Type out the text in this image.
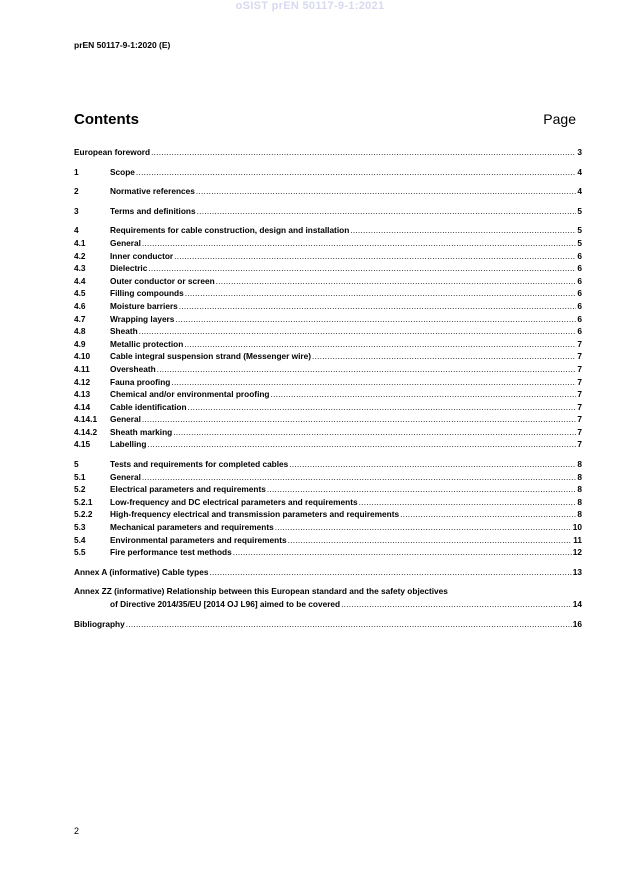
oSIST prEN 50117-9-1:2021
prEN 50117-9-1:2020 (E)
Contents	Page
European foreword .....	3
1	Scope .....	4
2	Normative references .....	4
3	Terms and definitions .....	5
4	Requirements for cable construction, design and installation .....	5
4.1	General .....	5
4.2	Inner conductor .....	6
4.3	Dielectric .....	6
4.4	Outer conductor or screen .....	6
4.5	Filling compounds .....	6
4.6	Moisture barriers .....	6
4.7	Wrapping layers .....	6
4.8	Sheath .....	6
4.9	Metallic protection .....	7
4.10	Cable integral suspension strand (Messenger wire) .....	7
4.11	Oversheath .....	7
4.12	Fauna proofing .....	7
4.13	Chemical and/or environmental proofing .....	7
4.14	Cable identification .....	7
4.14.1	General .....	7
4.14.2	Sheath marking .....	7
4.15	Labelling .....	7
5	Tests and requirements for completed cables .....	8
5.1	General .....	8
5.2	Electrical parameters and requirements .....	8
5.2.1	Low-frequency and DC electrical parameters and requirements .....	8
5.2.2	High-frequency electrical and transmission parameters and requirements .....	8
5.3	Mechanical parameters and requirements .....	10
5.4	Environmental parameters and requirements .....	11
5.5	Fire performance test methods .....	12
Annex A (informative) Cable types .....	13
Annex ZZ (informative) Relationship between this European standard and the safety objectives
of Directive 2014/35/EU [2014 OJ L96] aimed to be covered .....	14
Bibliography .....	16
2
